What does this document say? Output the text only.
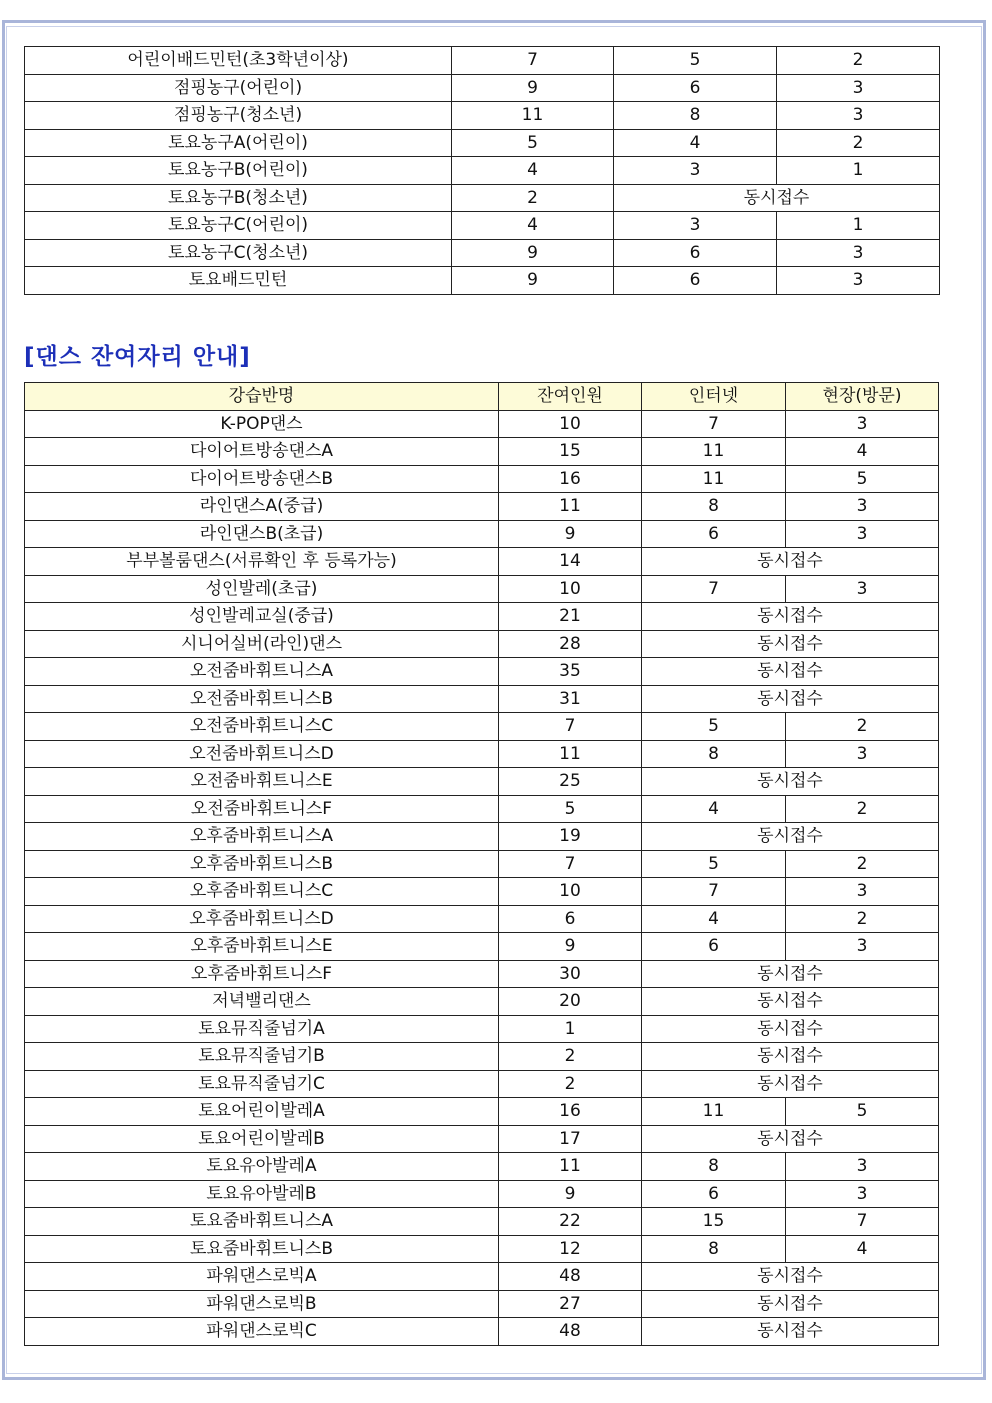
어린이배드민턴(초3학년이상)	7	5	2
점핑농구(어린이)	9	6	3
점핑농구(청소년)	11	8	3
토요농구A(어린이)	5	4	2
토요농구B(어린이)	4	3	1
토요농구B(청소년)	2	동시접수	
토요농구C(어린이)	4	3	1
토요농구C(청소년)	9	6	3
토요배드민턴	9	6	3
[댄스 잔여자리 안내]
강습반명	잔여인원	인터넷	현장(방문)
K-POP댄스	10	7	3
다이어트방송댄스A	15	11	4
다이어트방송댄스B	16	11	5
라인댄스A(중급)	11	8	3
라인댄스B(초급)	9	6	3
부부볼룸댄스(서류확인 후 등록가능)	14	동시접수	
성인발레(초급)	10	7	3
성인발레교실(중급)	21	동시접수	
시니어실버(라인)댄스	28	동시접수	
오전줌바휘트니스A	35	동시접수	
오전줌바휘트니스B	31	동시접수	
오전줌바휘트니스C	7	5	2
오전줌바휘트니스D	11	8	3
오전줌바휘트니스E	25	동시접수	
오전줌바휘트니스F	5	4	2
오후줌바휘트니스A	19	동시접수	
오후줌바휘트니스B	7	5	2
오후줌바휘트니스C	10	7	3
오후줌바휘트니스D	6	4	2
오후줌바휘트니스E	9	6	3
오후줌바휘트니스F	30	동시접수	
저녁밸리댄스	20	동시접수	
토요뮤직줄넘기A	1	동시접수	
토요뮤직줄넘기B	2	동시접수	
토요뮤직줄넘기C	2	동시접수	
토요어린이발레A	16	11	5
토요어린이발레B	17	동시접수	
토요유아발레A	11	8	3
토요유아발레B	9	6	3
토요줌바휘트니스A	22	15	7
토요줌바휘트니스B	12	8	4
파워댄스로빅A	48	동시접수	
파워댄스로빅B	27	동시접수	
파워댄스로빅C	48	동시접수	
